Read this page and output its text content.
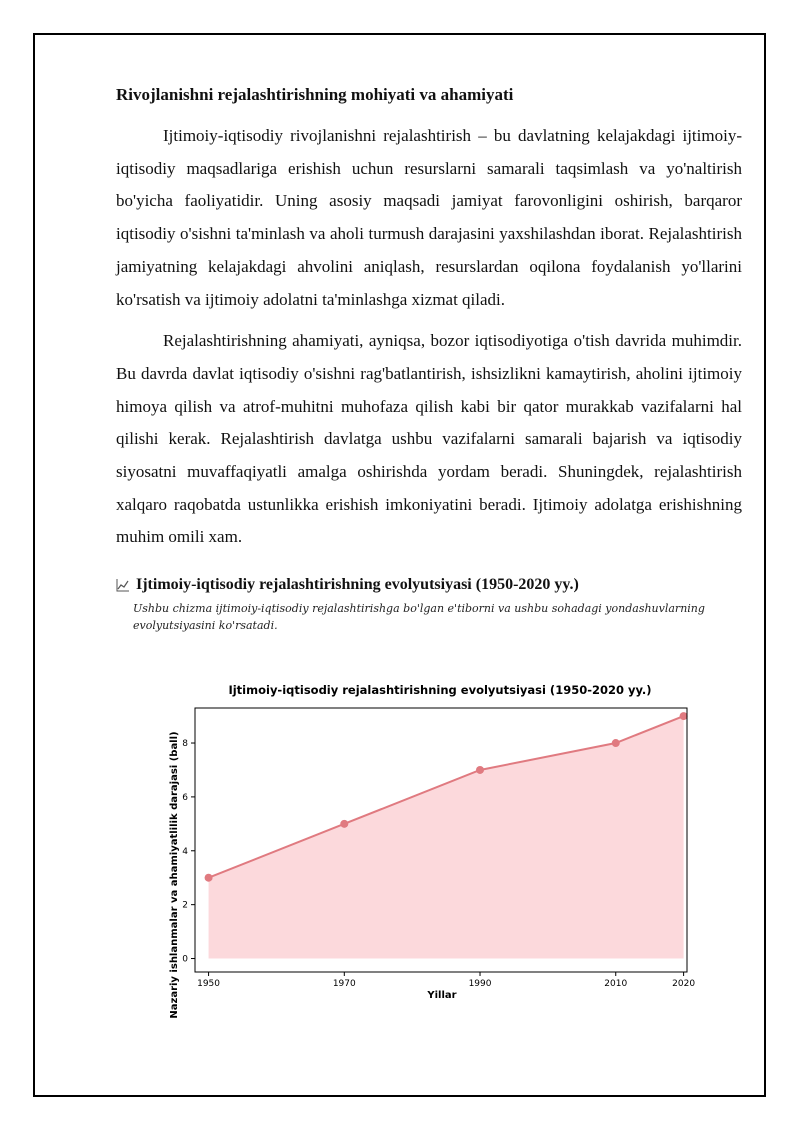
Rivojlanishni rejalashtirishning mohiyati va ahamiyati

Ijtimoiy-iqtisodiy rivojlanishni rejalashtirish – bu davlatning kelajakdagi ijtimoiy-iqtisodiy maqsadlariga erishish uchun resurslarni samarali taqsimlash va yo'naltirish bo'yicha faoliyatidir. Uning asosiy maqsadi jamiyat farovonligini oshirish, barqaror iqtisodiy o'sishni ta'minlash va aholi turmush darajasini yaxshilashdan iborat. Rejalashtirish jamiyatning kelajakdagi ahvolini aniqlash, resurslardan oqilona foydalanish yo'llarini ko'rsatish va ijtimoiy adolatni ta'minlashga xizmat qiladi.

Rejalashtirishning ahamiyati, ayniqsa, bozor iqtisodiyotiga o'tish davrida muhimdir. Bu davrda davlat iqtisodiy o'sishni rag'batlantirish, ishsizlikni kamaytirish, aholini ijtimoiy himoya qilish va atrof-muhitni muhofaza qilish kabi bir qator murakkab vazifalarni hal qilishi kerak. Rejalashtirish davlatga ushbu vazifalarni samarali bajarish va iqtisodiy siyosatni muvaffaqiyatli amalga oshirishda yordam beradi. Shuningdek, rejalashtirish xalqaro raqobatda ustunlikka erishish imkoniyatini beradi. Ijtimoiy adolatga erishishning muhim omili xam.

Ijtimoiy-iqtisodiy rejalashtirishning evolyutsiyasi (1950-2020 yy.)
Ushbu chizma ijtimoiy-iqtisodiy rejalashtirishga bo'lgan e'tiborni va ushbu sohadagi yondashuvlarning evolyutsiyasini ko'rsatadi.
Ijtimoiy-iqtisodiy rejalashtirishning evolyutsiyasi (1950-2020 yy.)
1950	1970	1990	2010	2020
0
2
4
6
8
Yillar
Nazariy ishlanmalar va ahamiyatlilik darajasi (ball)
